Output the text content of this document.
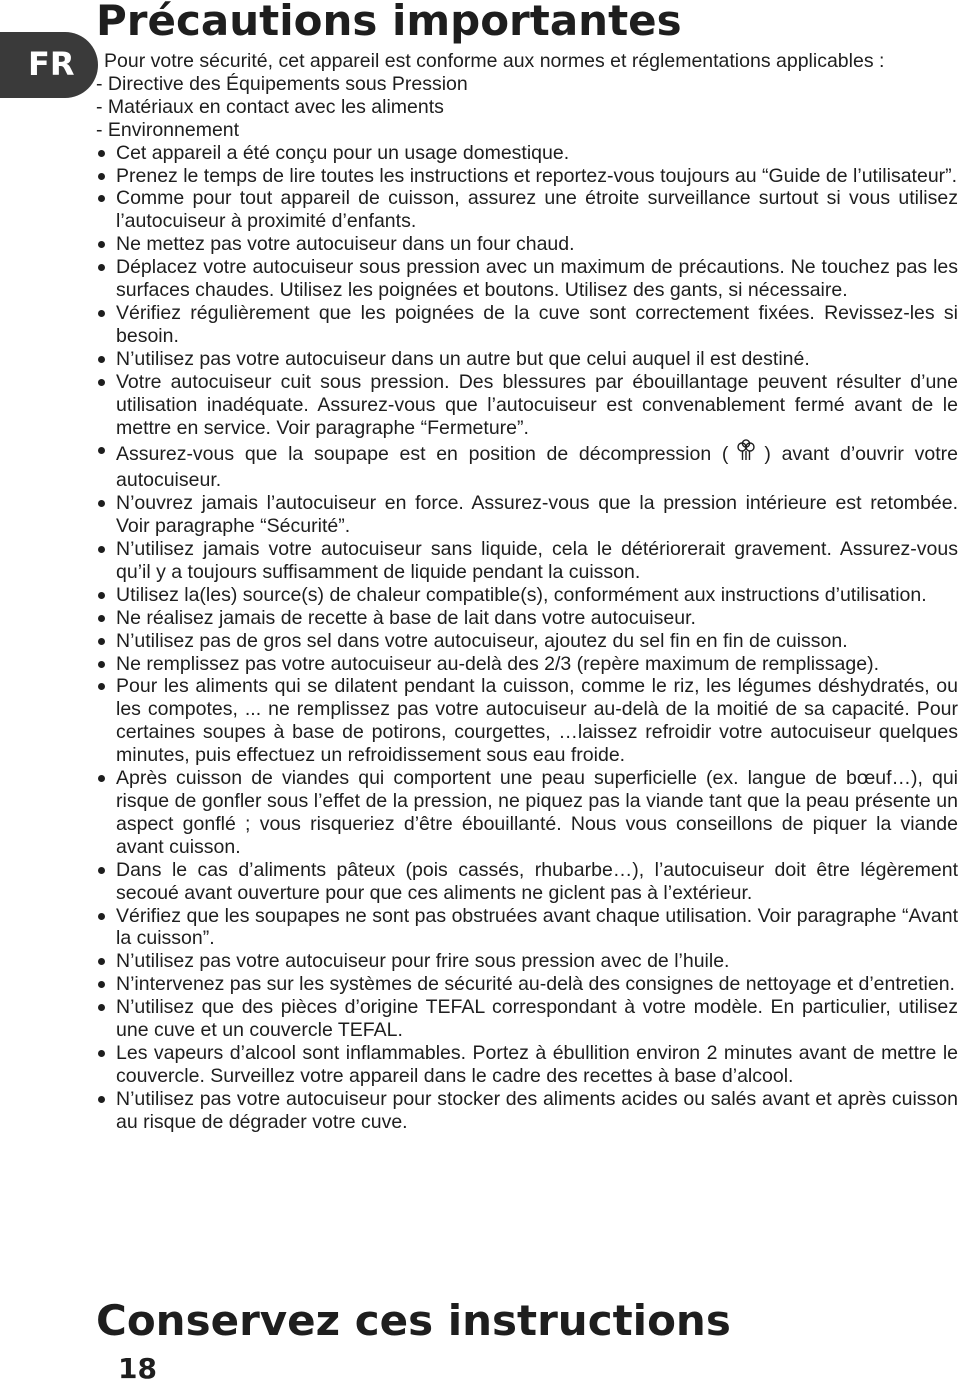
FR
Précautions importantes

Pour votre sécurité, cet appareil est conforme aux normes et réglementations applicables :

- Directive des Équipements sous Pression

- Matériaux en contact avec les aliments

- Environnement

Cet appareil a été conçu pour un usage domestique.
Prenez le temps de lire toutes les instructions et reportez-vous toujours au “Guide de l’utilisateur”.
Comme pour tout appareil de cuisson, assurez une étroite surveillance surtout si vous utilisez l’autocuiseur à proximité d’enfants.
Ne mettez pas votre autocuiseur dans un four chaud.
Déplacez votre autocuiseur sous pression avec un maximum de précautions. Ne touchez pas les surfaces chaudes. Utilisez les poignées et boutons. Utilisez des gants, si nécessaire.
Vérifiez régulièrement que les poignées de la cuve sont correctement fixées. Revissez-les si besoin.
N’utilisez pas votre autocuiseur dans un autre but que celui auquel il est destiné.
Votre autocuiseur cuit sous pression. Des blessures par ébouillantage peuvent résulter d’une utilisation inadéquate. Assurez-vous que l’autocuiseur est convenablement fermé avant de le mettre en service. Voir paragraphe “Fermeture”.
Assurez-vous que la soupape est en position de décompression ( ) avant d’ouvrir votre autocuiseur.
N’ouvrez jamais l’autocuiseur en force. Assurez-vous que la pression intérieure est retombée. Voir paragraphe “Sécurité”.
N’utilisez jamais votre autocuiseur sans liquide, cela le détériorerait gravement. Assurez-vous qu’il y a toujours suffisamment de liquide pendant la cuisson.
Utilisez la(les) source(s) de chaleur compatible(s), conformément aux instructions d’utilisation.
Ne réalisez jamais de recette à base de lait dans votre autocuiseur.
N’utilisez pas de gros sel dans votre autocuiseur, ajoutez du sel fin en fin de cuisson.
Ne remplissez pas votre autocuiseur au-delà des 2/3 (repère maximum de remplissage).
Pour les aliments qui se dilatent pendant la cuisson, comme le riz, les légumes déshydratés, ou les compotes, ... ne remplissez pas votre autocuiseur au-delà de la moitié de sa capacité. Pour certaines soupes à base de potirons, courgettes, …laissez refroidir votre autocuiseur quelques minutes, puis effectuez un refroidissement sous eau froide.
Après cuisson de viandes qui comportent une peau superficielle (ex. langue de bœuf…), qui risque de gonfler sous l’effet de la pression, ne piquez pas la viande tant que la peau présente un aspect gonflé ; vous risqueriez d’être ébouillanté. Nous vous conseillons de piquer la viande avant cuisson.
Dans le cas d’aliments pâteux (pois cassés, rhubarbe…), l’autocuiseur doit être légèrement secoué avant ouverture pour que ces aliments ne giclent pas à l’extérieur.
Vérifiez que les soupapes ne sont pas obstruées avant chaque utilisation. Voir paragraphe “Avant la cuisson”.
N’utilisez pas votre autocuiseur pour frire sous pression avec de l’huile.
N’intervenez pas sur les systèmes de sécurité au-delà des consignes de nettoyage et d’entretien.
N’utilisez que des pièces d’origine TEFAL correspondant à votre modèle. En particulier, utilisez une cuve et un couvercle TEFAL.
Les vapeurs d’alcool sont inflammables. Portez à ébullition environ 2 minutes avant de mettre le couvercle. Surveillez votre appareil dans le cadre des recettes à base d’alcool.
N’utilisez pas votre autocuiseur pour stocker des aliments acides ou salés avant et après cuisson au risque de dégrader votre cuve.
Conservez ces instructions
18
